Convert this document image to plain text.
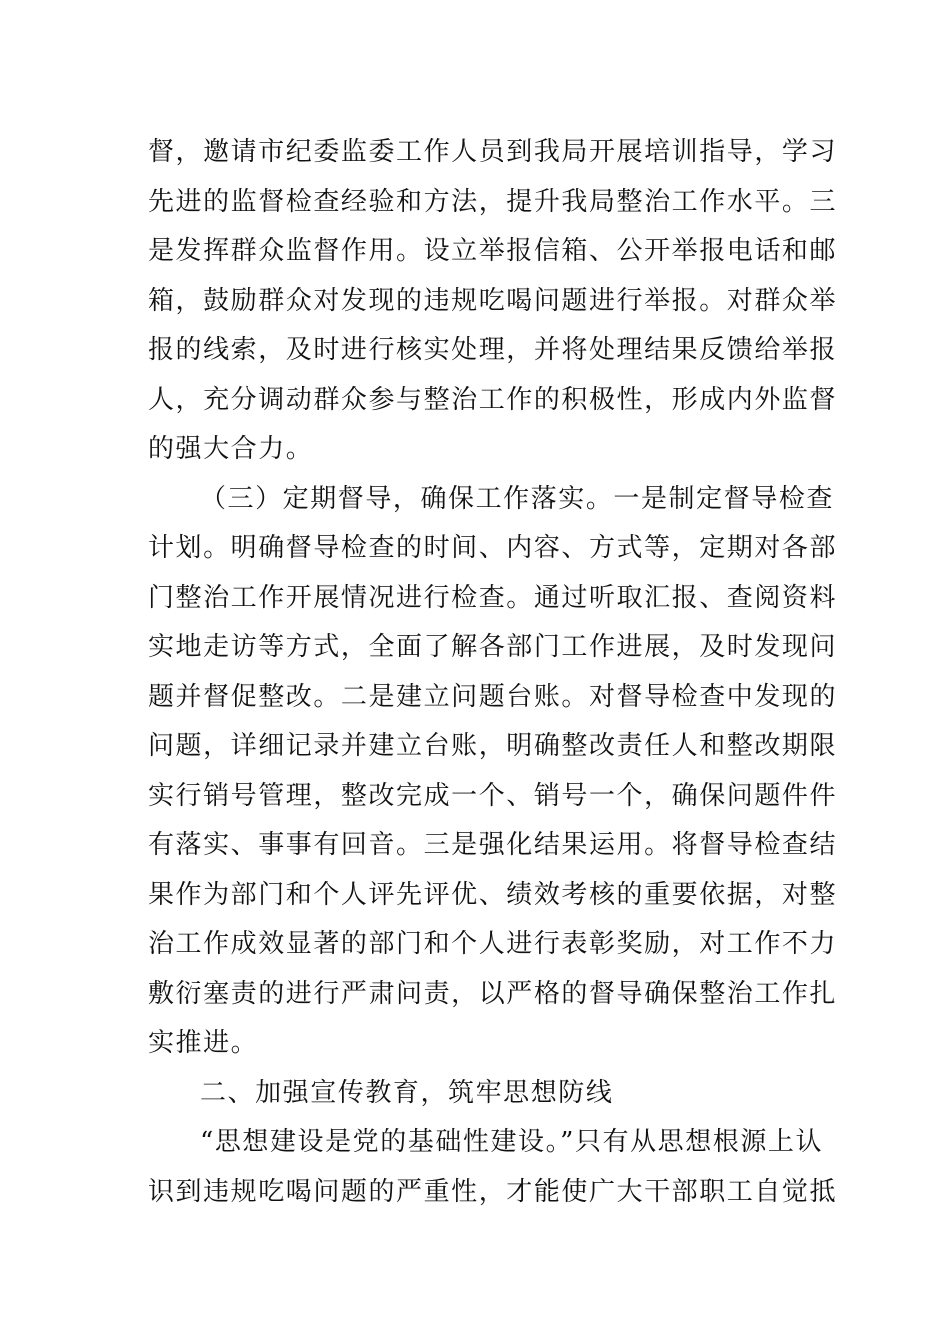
督，邀请市纪委监委工作人员到我局开展培训指导，学习
先进的监督检查经验和方法，提升我局整治工作水平。三
是发挥群众监督作用。设立举报信箱、公开举报电话和邮
箱，鼓励群众对发现的违规吃喝问题进行举报。对群众举
报的线索，及时进行核实处理，并将处理结果反馈给举报
人，充分调动群众参与整治工作的积极性，形成内外监督
的强大合力。
（三）定期督导，确保工作落实。一是制定督导检查
计划。明确督导检查的时间、内容、方式等，定期对各部
门整治工作开展情况进行检查。通过听取汇报、查阅资料
实地走访等方式，全面了解各部门工作进展，及时发现问
题并督促整改。二是建立问题台账。对督导检查中发现的
问题，详细记录并建立台账，明确整改责任人和整改期限
实行销号管理，整改完成一个、销号一个，确保问题件件
有落实、事事有回音。三是强化结果运用。将督导检查结
果作为部门和个人评先评优、绩效考核的重要依据，对整
治工作成效显著的部门和个人进行表彰奖励，对工作不力
敷衍塞责的进行严肃问责，以严格的督导确保整治工作扎
实推进。
二、加强宣传教育，筑牢思想防线
“思想建设是党的基础性建设。”只有从思想根源上认
识到违规吃喝问题的严重性，才能使广大干部职工自觉抵
